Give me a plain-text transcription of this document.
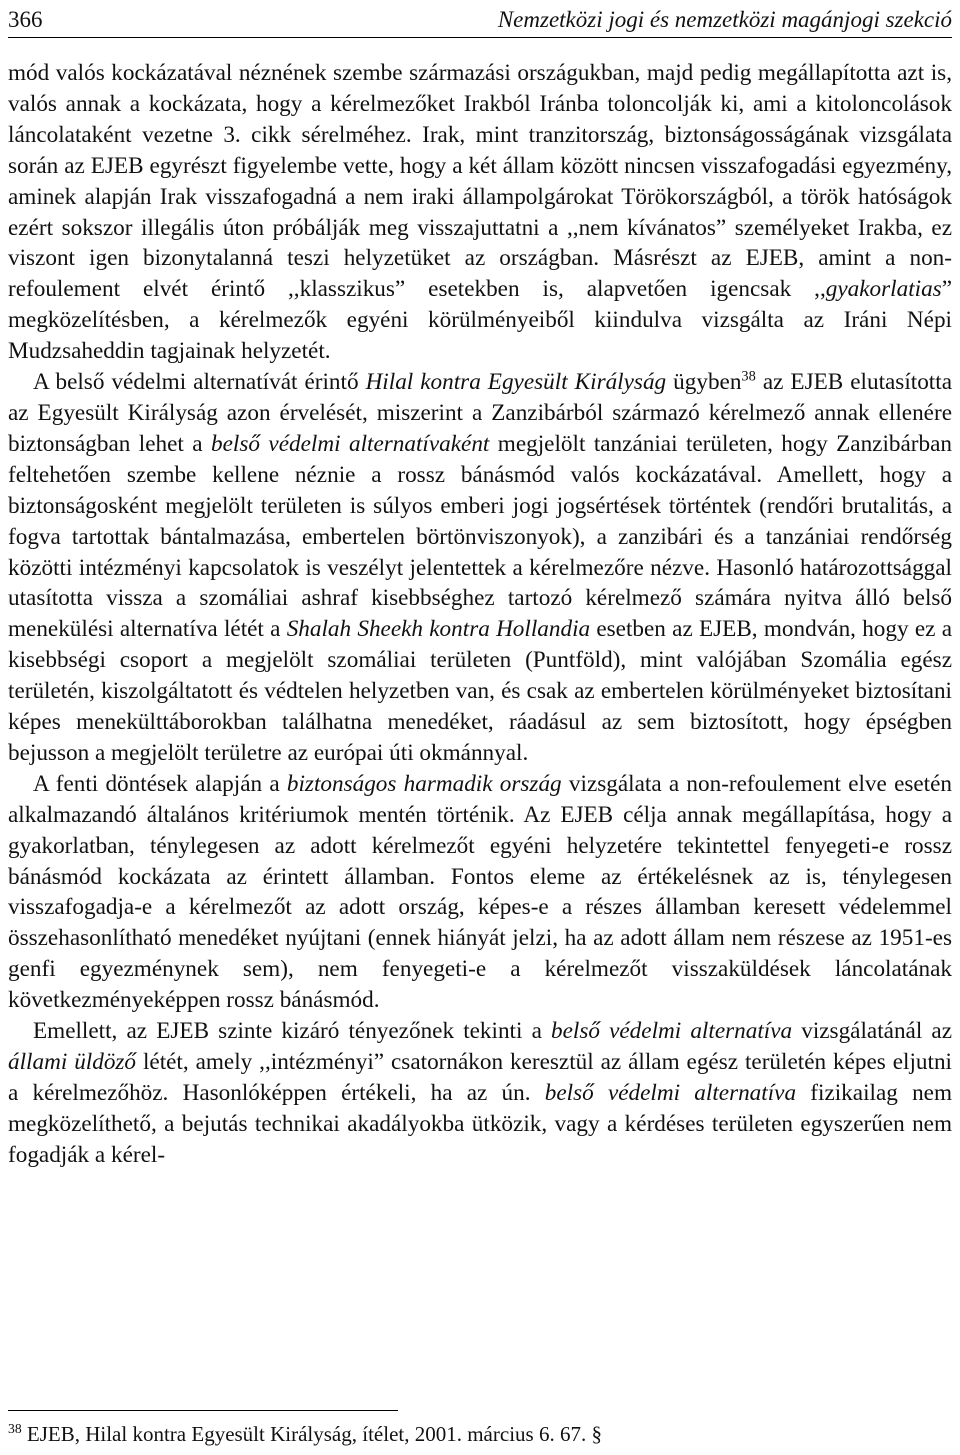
366	Nemzetközi jogi és nemzetközi magánjogi szekció

mód valós kockázatával néznének szembe származási országukban, majd pedig megállapította azt is, valós annak a kockázata, hogy a kérelmezőket Irakból Iránba toloncolják ki, ami a kitoloncolások láncolataként vezetne 3. cikk sérelméhez. Irak, mint tranzitország, biztonságosságának vizsgálata során az EJEB egyrészt figyelembe vette, hogy a két állam között nincsen visszafogadási egyezmény, aminek alapján Irak visszafogadná a nem iraki állampolgárokat Törökországból, a török hatóságok ezért sokszor illegális úton próbálják meg visszajuttatni a ,,nem kívánatos” személyeket Irakba, ez viszont igen bizonytalanná teszi helyzetüket az országban. Másrészt az EJEB, amint a non-refoulement elvét érintő ,,klasszikus” esetekben is, alapvetően igencsak ,,gyakorlatias” megközelítésben, a kérelmezők egyéni körülményeiből kiindulva vizsgálta az Iráni Népi Mudzsaheddin tagjainak helyzetét.

A belső védelmi alternatívát érintő Hilal kontra Egyesült Királyság ügyben$^{38}$ az EJEB elutasította az Egyesült Királyság azon érvelését, miszerint a Zanzibárból származó kérelmező annak ellenére biztonságban lehet a belső védelmi alternatívaként megjelölt tanzániai területen, hogy Zanzibárban feltehetően szembe kellene néznie a rossz bánásmód valós kockázatával. Amellett, hogy a biztonságosként megjelölt területen is súlyos emberi jogi jogsértések történtek (rendőri brutalitás, a fogva tartottak bántalmazása, embertelen börtönviszonyok), a zanzibári és a tanzániai rendőrség közötti intézményi kapcsolatok is veszélyt jelentettek a kérelmezőre nézve. Hasonló határozottsággal utasította vissza a szomáliai ashraf kisebbséghez tartozó kérelmező számára nyitva álló belső menekülési alternatíva létét a Shalah Sheekh kontra Hollandia esetben az EJEB, mondván, hogy ez a kisebbségi csoport a megjelölt szomáliai területen (Puntföld), mint valójában Szomália egész területén, kiszolgáltatott és védtelen helyzetben van, és csak az embertelen körülményeket biztosítani képes menekülttáborokban találhatna menedéket, ráadásul az sem biztosított, hogy épségben bejusson a megjelölt területre az európai úti okmánnyal.

A fenti döntések alapján a biztonságos harmadik ország vizsgálata a non-refoulement elve esetén alkalmazandó általános kritériumok mentén történik. Az EJEB célja annak megállapítása, hogy a gyakorlatban, ténylegesen az adott kérelmezőt egyéni helyzetére tekintettel fenyegeti-e rossz bánásmód kockázata az érintett államban. Fontos eleme az értékelésnek az is, ténylegesen visszafogadja-e a kérelmezőt az adott ország, képes-e a részes államban keresett védelemmel összehasonlítható menedéket nyújtani (ennek hiányát jelzi, ha az adott állam nem részese az 1951-es genfi egyezménynek sem), nem fenyegeti-e a kérelmezőt visszaküldések láncolatának következményeképpen rossz bánásmód.

Emellett, az EJEB szinte kizáró tényezőnek tekinti a belső védelmi alternatíva vizsgálatánál az állami üldöző létét, amely ,,intézményi” csatornákon keresztül az állam egész területén képes eljutni a kérelmezőhöz. Hasonlóképpen értékeli, ha az ún. belső védelmi alternatíva fizikailag nem megközelíthető, a bejutás technikai akadályokba ütközik, vagy a kérdéses területen egyszerűen nem fogadják a kérel-

$^{38}$ EJEB, Hilal kontra Egyesült Királyság, ítélet, 2001. március 6. 67. §
